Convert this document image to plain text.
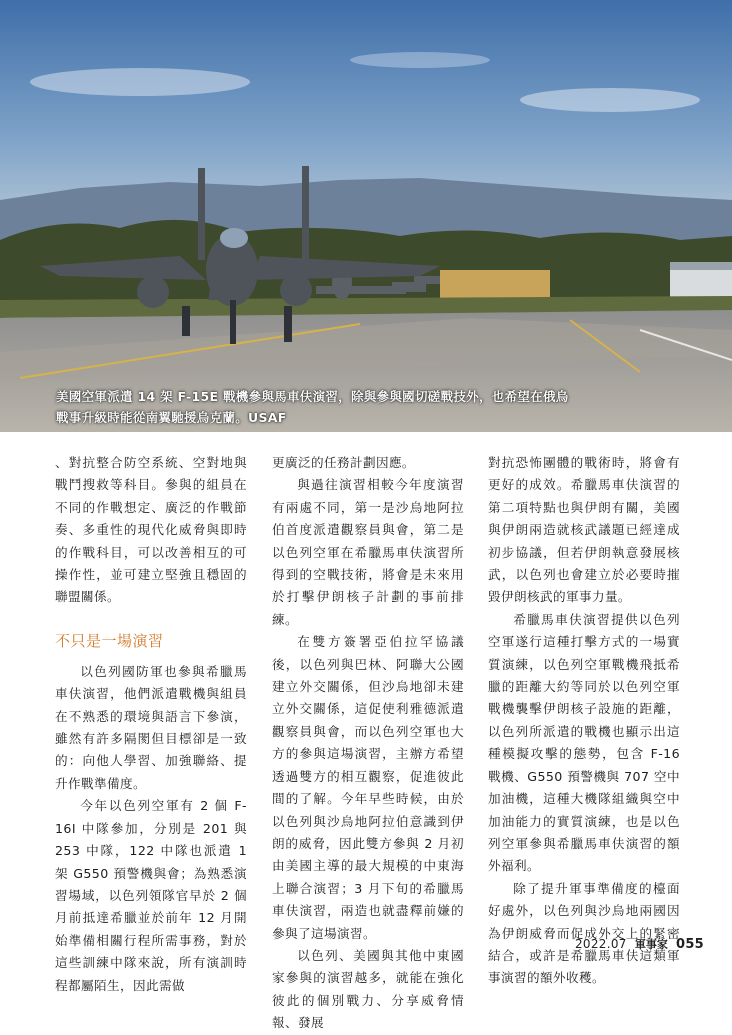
美國空軍派遣 14 架 F-15E 戰機參與馬車伕演習，除與參與國切磋戰技外，也希望在俄烏
戰事升級時能從南翼馳援烏克蘭。USAF

、對抗整合防空系統、空對地與戰鬥搜救等科目。參與的組員在不同的作戰想定、廣泛的作戰節奏、多重性的現代化威脅與即時的作戰科目，可以改善相互的可操作性，並可建立堅強且穩固的聯盟關係。

不只是一場演習

以色列國防軍也參與希臘馬車伕演習，他們派遣戰機與組員在不熟悉的環境與語言下參演，雖然有許多隔閡但目標卻是一致的：向他人學習、加強聯絡、提升作戰準備度。

今年以色列空軍有 2 個 F-16I 中隊參加，分別是 201 與 253 中隊，122 中隊也派遣 1 架 G550 預警機與會；為熟悉演習場域，以色列領隊官早於 2 個月前抵達希臘並於前年 12 月開始準備相關行程所需事務，對於這些訓練中隊來說，所有演訓時程都屬陌生，因此需做

更廣泛的任務計劃因應。

與過往演習相較今年度演習有兩處不同，第一是沙烏地阿拉伯首度派遣觀察員與會，第二是以色列空軍在希臘馬車伕演習所得到的空戰技術，將會是未來用於打擊伊朗核子計劃的事前排練。

在雙方簽署亞伯拉罕協議後，以色列與巴林、阿聯大公國建立外交關係，但沙烏地卻未建立外交關係，這促使利雅德派遣觀察員與會，而以色列空軍也大方的參與這場演習，主辦方希望透過雙方的相互觀察，促進彼此間的了解。今年早些時候，由於以色列與沙烏地阿拉伯意識到伊朗的威脅，因此雙方參與 2 月初由美國主導的最大規模的中東海上聯合演習；3 月下旬的希臘馬車伕演習，兩造也就盡釋前嫌的參與了這場演習。

以色列、美國與其他中東國家參與的演習越多，就能在強化彼此的個別戰力、分享威脅情報、發展

對抗恐怖團體的戰術時，將會有更好的成效。希臘馬車伕演習的第二項特點也與伊朗有關，美國與伊朗兩造就核武議題已經達成初步協議，但若伊朗執意發展核武，以色列也會建立於必要時摧毀伊朗核武的軍事力量。

希臘馬車伕演習提供以色列空軍遂行這種打擊方式的一場實質演練，以色列空軍戰機飛抵希臘的距離大約等同於以色列空軍戰機襲擊伊朗核子設施的距離，以色列所派遣的戰機也顯示出這種模擬攻擊的態勢，包含 F-16 戰機、G550 預警機與 707 空中加油機，這種大機隊組織與空中加油能力的實質演練，也是以色列空軍參與希臘馬車伕演習的額外福利。

除了提升軍事準備度的檯面好處外，以色列與沙烏地兩國因為伊朗威脅而促成外交上的緊密結合，或許是希臘馬車伕這類軍事演習的額外收穫。

2022.07 軍事家 055
